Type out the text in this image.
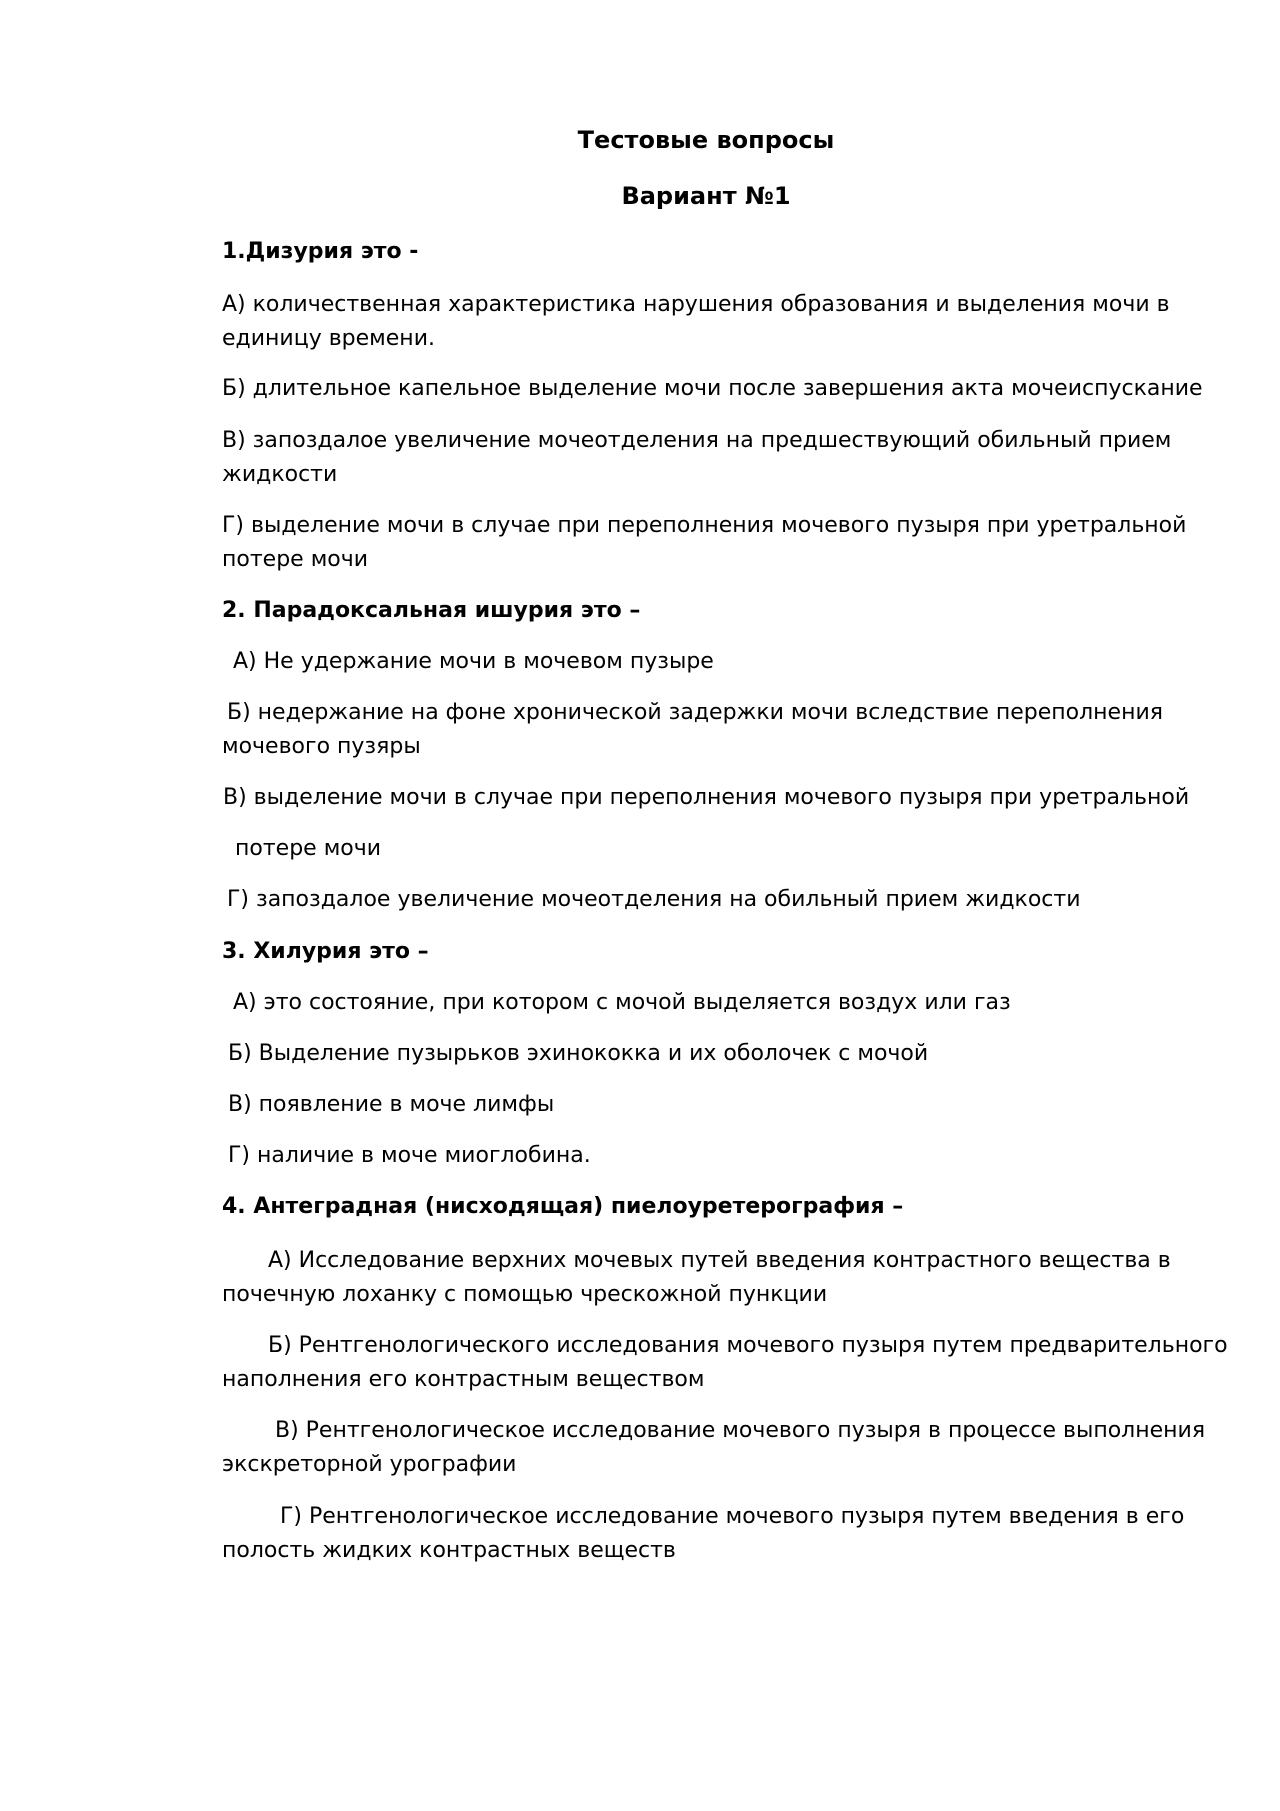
Тестовые вопросы
Вариант №1
1.Дизурия это -
А) количественная характеристика нарушения образования и выделения мочи в
единицу времени.
Б) длительное капельное выделение мочи после завершения акта мочеиспускание
В) запоздалое увеличение мочеотделения на предшествующий обильный прием
жидкости
Г) выделение мочи в случае при переполнения мочевого пузыря при уретральной
потере мочи
2. Парадоксальная ишурия это –
А) Не удержание мочи в мочевом пузыре
Б) недержание на фоне хронической задержки мочи вследствие переполнения
мочевого пузяры
В) выделение мочи в случае при переполнения мочевого пузыря при уретральной
потере мочи
Г) запоздалое увеличение мочеотделения на обильный прием жидкости
3. Хилурия это –
А) это состояние, при котором с мочой выделяется воздух или газ
Б) Выделение пузырьков эхинококка и их оболочек с мочой
В) появление в моче лимфы
Г) наличие в моче миоглобина.
4. Антеградная (нисходящая) пиелоуретерография –
А) Исследование верхних мочевых путей введения контрастного вещества в
почечную лоханку с помощью чрескожной пункции
Б) Рентгенологического исследования мочевого пузыря путем предварительного
наполнения его контрастным веществом
В) Рентгенологическое исследование мочевого пузыря в процессе выполнения
экскреторной урографии
Г) Рентгенологическое исследование мочевого пузыря путем введения в его
полость жидких контрастных веществ
